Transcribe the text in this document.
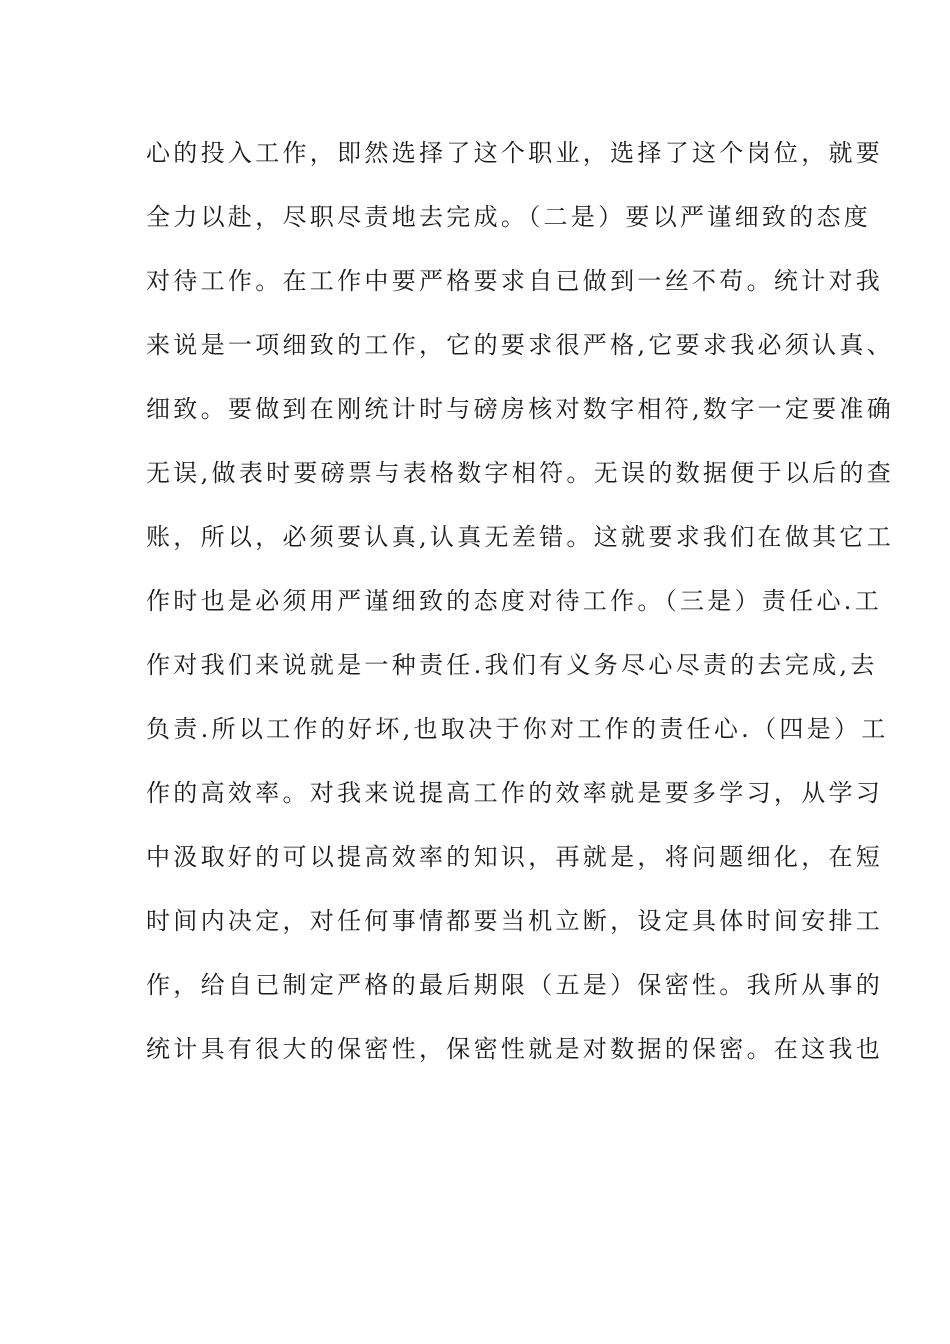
心的投入工作，即然选择了这个职业，选择了这个岗位，就要
全力以赴，尽职尽责地去完成。（二是）要以严谨细致的态度
对待工作。在工作中要严格要求自已做到一丝不苟。统计对我
来说是一项细致的工作，它的要求很严格,它要求我必须认真、
细致。要做到在刚统计时与磅房核对数字相符,数字一定要准确
无误,做表时要磅票与表格数字相符。无误的数据便于以后的查
账，所以，必须要认真,认真无差错。这就要求我们在做其它工
作时也是必须用严谨细致的态度对待工作。（三是）责任心.工
作对我们来说就是一种责任.我们有义务尽心尽责的去完成,去
负责.所以工作的好坏,也取决于你对工作的责任心.（四是）工
作的高效率。对我来说提高工作的效率就是要多学习，从学习
中汲取好的可以提高效率的知识，再就是，将问题细化，在短
时间内决定，对任何事情都要当机立断，设定具体时间安排工
作，给自已制定严格的最后期限（五是）保密性。我所从事的
统计具有很大的保密性，保密性就是对数据的保密。在这我也
